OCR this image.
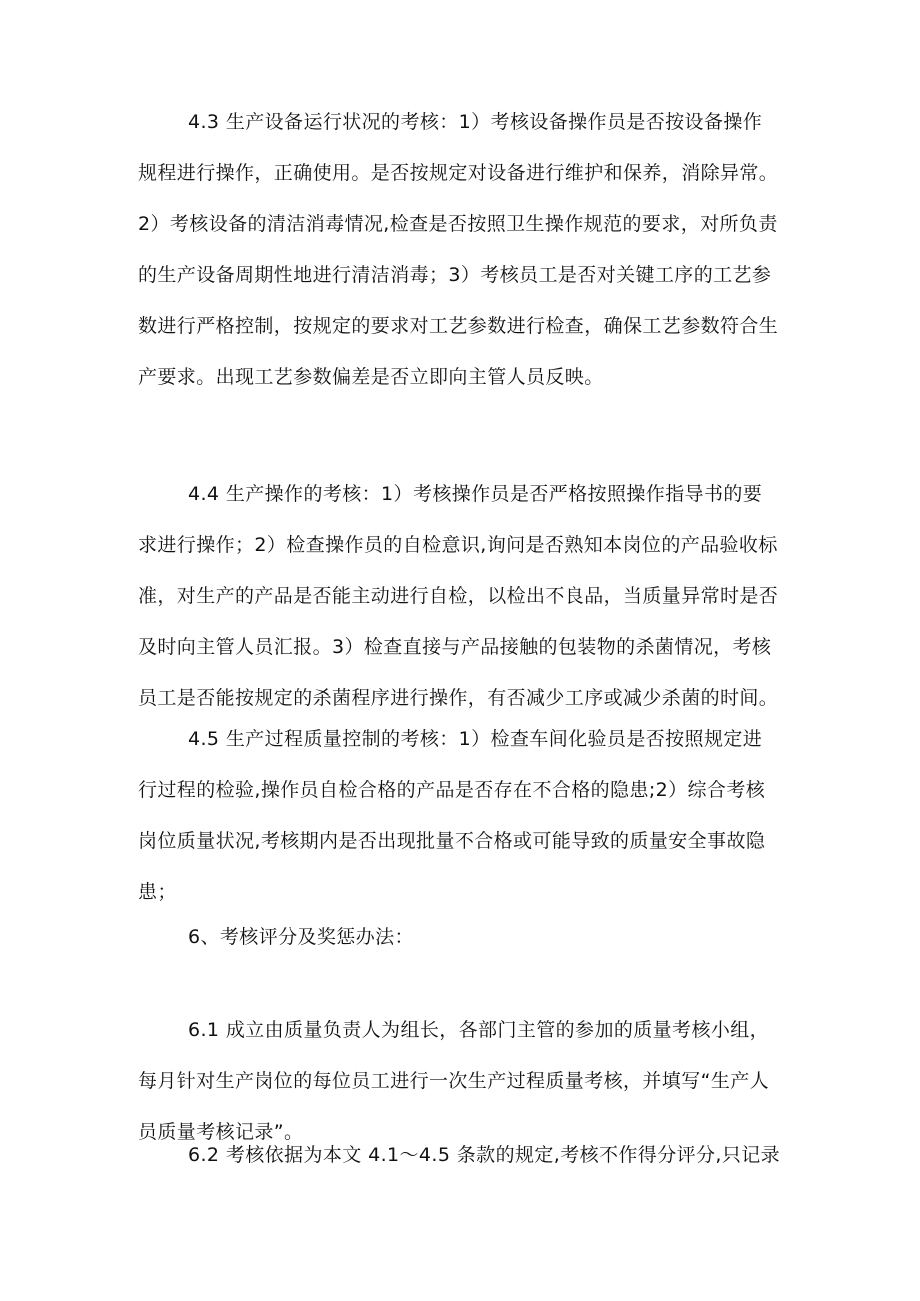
4.3 生产设备运行状况的考核：1）考核设备操作员是否按设备操作
规程进行操作，正确使用。是否按规定对设备进行维护和保养，消除异常。
2）考核设备的清洁消毒情况,检查是否按照卫生操作规范的要求，对所负责
的生产设备周期性地进行清洁消毒；3）考核员工是否对关键工序的工艺参
数进行严格控制，按规定的要求对工艺参数进行检查，确保工艺参数符合生
产要求。出现工艺参数偏差是否立即向主管人员反映。

4.4 生产操作的考核：1）考核操作员是否严格按照操作指导书的要
求进行操作；2）检查操作员的自检意识,询问是否熟知本岗位的产品验收标
准，对生产的产品是否能主动进行自检，以检出不良品，当质量异常时是否
及时向主管人员汇报。3）检查直接与产品接触的包装物的杀菌情况，考核
员工是否能按规定的杀菌程序进行操作，有否减少工序或减少杀菌的时间。

4.5 生产过程质量控制的考核：1）检查车间化验员是否按照规定进
行过程的检验,操作员自检合格的产品是否存在不合格的隐患;2）综合考核
岗位质量状况,考核期内是否出现批量不合格或可能导致的质量安全事故隐
患；

6、考核评分及奖惩办法：

6.1 成立由质量负责人为组长，各部门主管的参加的质量考核小组，
每月针对生产岗位的每位员工进行一次生产过程质量考核，并填写“生产人
员质量考核记录”。

6.2 考核依据为本文 4.1～4.5 条款的规定,考核不作得分评分,只记录
